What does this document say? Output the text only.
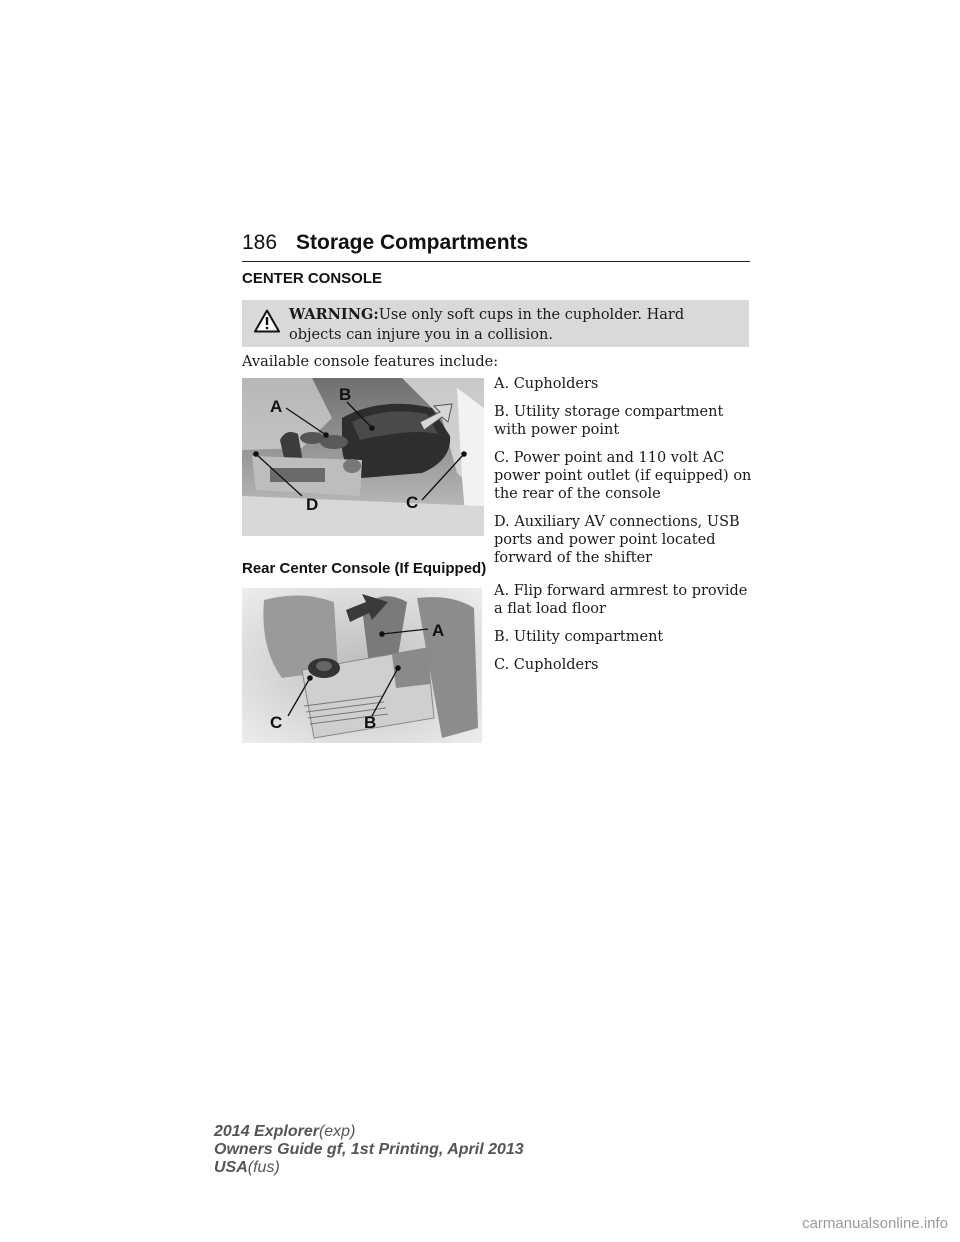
186 Storage Compartments
CENTER CONSOLE
WARNING:Use only soft cups in the cupholder. Hard objects can injure you in a collision.
Available console features include:
A
B
C
D
A. Cupholders
B. Utility storage compartment with power point
C. Power point and 110 volt AC power point outlet (if equipped) on the rear of the console
D. Auxiliary AV connections, USB ports and power point located forward of the shifter
Rear Center Console (If Equipped)
A
B
C
A. Flip forward armrest to provide a flat load floor
B. Utility compartment
C. Cupholders
2014 Explorer(exp)
Owners Guide gf, 1st Printing, April 2013
USA(fus)
carmanualsonline.info
